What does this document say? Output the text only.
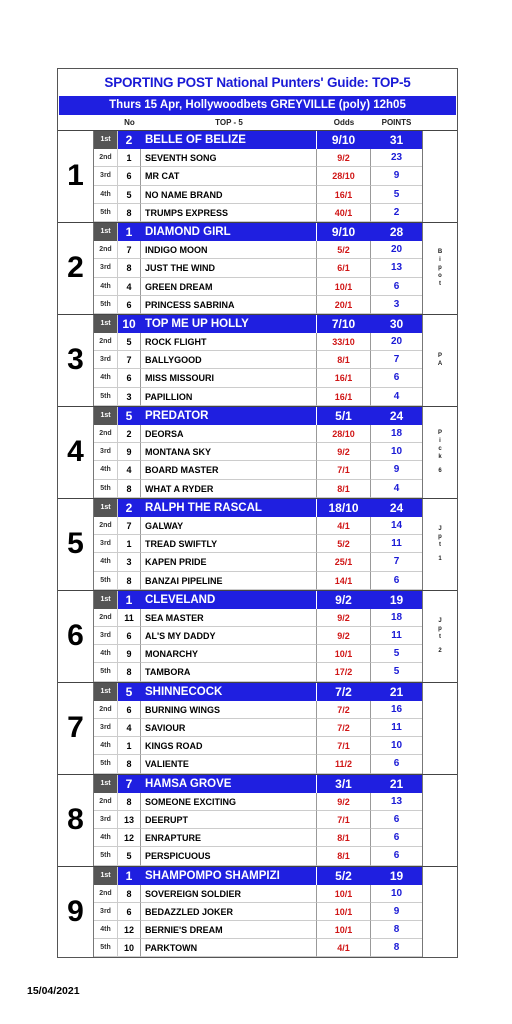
SPORTING POST National Punters' Guide: TOP-5
Thurs 15 Apr, Hollywoodbets GREYVILLE (poly) 12h05
No	TOP - 5	Odds	POINTS
1
1st	2	BELLE OF BELIZE	9/10	31
2nd	1	SEVENTH SONG	9/2	23
3rd	6	MR CAT	28/10	9
4th	5	NO NAME BRAND	16/1	5
5th	8	TRUMPS EXPRESS	40/1	2
2
1st	1	DIAMOND GIRL	9/10	28
2nd	7	INDIGO MOON	5/2	20
3rd	8	JUST THE WIND	6/1	13
4th	4	GREEN DREAM	10/1	6
5th	6	PRINCESS SABRINA	20/1	3
B
i
p
o
t
3
1st 10 TOP ME UP HOLLY	7/10	30
2nd	5	ROCK FLIGHT	33/10	20
3rd	7	BALLYGOOD	8/1	7
4th	6	MISS MISSOURI	16/1	6
5th	3	PAPILLION	16/1	4
P
A
4
1st	5	PREDATOR	5/1	24
2nd	2	DEORSA	28/10	18
3rd	9	MONTANA SKY	9/2	10
4th	4	BOARD MASTER	7/1	9
5th	8	WHAT A RYDER	8/1	4
P
i
c
k
6
5
1st	2	RALPH THE RASCAL	18/10	24
2nd	7	GALWAY	4/1	14
3rd	1	TREAD SWIFTLY	5/2	11
4th	3	KAPEN PRIDE	25/1	7
5th	8	BANZAI PIPELINE	14/1	6
J
p
t
1
6
1st	1	CLEVELAND	9/2	19
2nd	11	SEA MASTER	9/2	18
3rd	6	AL'S MY DADDY	9/2	11
4th	9	MONARCHY	10/1	5
5th	8	TAMBORA	17/2	5
J
p
t
2
7
1st	5	SHINNECOCK	7/2	21
2nd	6	BURNING WINGS	7/2	16
3rd	4	SAVIOUR	7/2	11
4th	1	KINGS ROAD	7/1	10
5th	8	VALIENTE	11/2	6
8
1st	7	HAMSA GROVE	3/1	21
2nd	8	SOMEONE EXCITING	9/2	13
3rd	13	DEERUPT	7/1	6
4th	12	ENRAPTURE	8/1	6
5th	5	PERSPICUOUS	8/1	6
9
1st	1	SHAMPOMPO SHAMPIZI	5/2	19
2nd	8	SOVEREIGN SOLDIER	10/1	10
3rd	6	BEDAZZLED JOKER	10/1	9
4th	12	BERNIE'S DREAM	10/1	8
5th	10	PARKTOWN	4/1	8
15/04/2021
